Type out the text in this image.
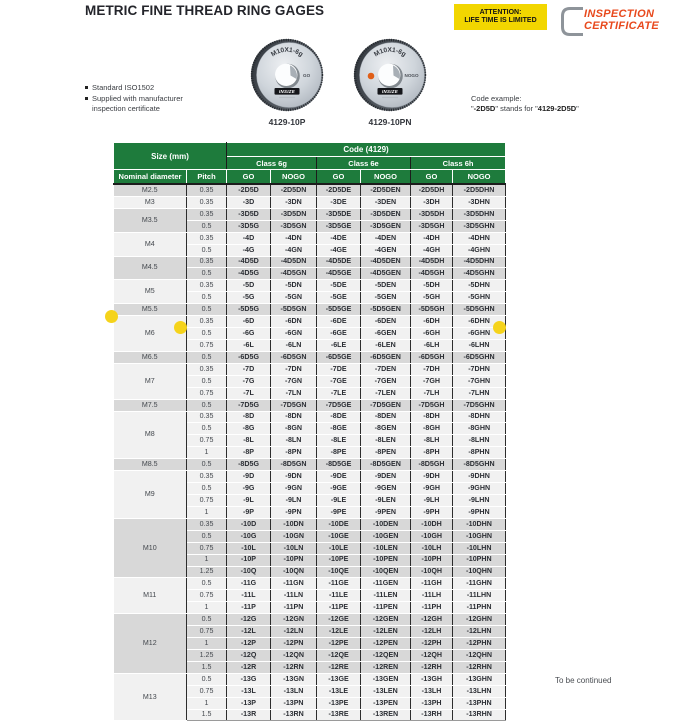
METRIC FINE THREAD RING GAGES	ATTENTION:
LIFE TIME IS LIMITED
INSPECTION
CERTIFICATE
M10X1-6g
GO
INSIZE
M10X1-6g
NOGO
INSIZE
4129-10P	4129-10PN
Standard ISO1502
Supplied with manufacturer inspection certificate
Code example:
"-2D5D" stands for "4129-2D5D"
Size (mm)		Code (4129)					
		Class 6g		Class 6e		Class 6h	
Nominal diameter	Pitch	GO	NOGO	GO	NOGO	GO	NOGO
M2.5	0.35	-2D5D	-2D5DN	-2D5DE	-2D5DEN	-2D5DH	-2D5DHN
M3	0.35	-3D	-3DN	-3DE	-3DEN	-3DH	-3DHN
M3.5	0.35	-3D5D	-3D5DN	-3D5DE	-3D5DEN	-3D5DH	-3D5DHN
	0.5	-3D5G	-3D5GN	-3D5GE	-3D5GEN	-3D5GH	-3D5GHN
M4	0.35	-4D	-4DN	-4DE	-4DEN	-4DH	-4DHN
	0.5	-4G	-4GN	-4GE	-4GEN	-4GH	-4GHN
M4.5	0.35	-4D5D	-4D5DN	-4D5DE	-4D5DEN	-4D5DH	-4D5DHN
	0.5	-4D5G	-4D5GN	-4D5GE	-4D5GEN	-4D5GH	-4D5GHN
M5	0.35	-5D	-5DN	-5DE	-5DEN	-5DH	-5DHN
	0.5	-5G	-5GN	-5GE	-5GEN	-5GH	-5GHN
M5.5	0.5	-5D5G	-5D5GN	-5D5GE	-5D5GEN	-5D5GH	-5D5GHN
M6	0.35	-6D	-6DN	-6DE	-6DEN	-6DH	-6DHN
	0.5	-6G	-6GN	-6GE	-6GEN	-6GH	-6GHN
	0.75	-6L	-6LN	-6LE	-6LEN	-6LH	-6LHN
M6.5	0.5	-6D5G	-6D5GN	-6D5GE	-6D5GEN	-6D5GH	-6D5GHN
M7	0.35	-7D	-7DN	-7DE	-7DEN	-7DH	-7DHN
	0.5	-7G	-7GN	-7GE	-7GEN	-7GH	-7GHN
	0.75	-7L	-7LN	-7LE	-7LEN	-7LH	-7LHN
M7.5	0.5	-7D5G	-7D5GN	-7D5GE	-7D5GEN	-7D5GH	-7D5GHN
M8	0.35	-8D	-8DN	-8DE	-8DEN	-8DH	-8DHN
	0.5	-8G	-8GN	-8GE	-8GEN	-8GH	-8GHN
	0.75	-8L	-8LN	-8LE	-8LEN	-8LH	-8LHN
	1	-8P	-8PN	-8PE	-8PEN	-8PH	-8PHN
M8.5	0.5	-8D5G	-8D5GN	-8D5GE	-8D5GEN	-8D5GH	-8D5GHN
M9	0.35	-9D	-9DN	-9DE	-9DEN	-9DH	-9DHN
	0.5	-9G	-9GN	-9GE	-9GEN	-9GH	-9GHN
	0.75	-9L	-9LN	-9LE	-9LEN	-9LH	-9LHN
	1	-9P	-9PN	-9PE	-9PEN	-9PH	-9PHN
M10	0.35	-10D	-10DN	-10DE	-10DEN	-10DH	-10DHN
	0.5	-10G	-10GN	-10GE	-10GEN	-10GH	-10GHN
	0.75	-10L	-10LN	-10LE	-10LEN	-10LH	-10LHN
	1	-10P	-10PN	-10PE	-10PEN	-10PH	-10PHN
	1.25	-10Q	-10QN	-10QE	-10QEN	-10QH	-10QHN
M11	0.5	-11G	-11GN	-11GE	-11GEN	-11GH	-11GHN
	0.75	-11L	-11LN	-11LE	-11LEN	-11LH	-11LHN
	1	-11P	-11PN	-11PE	-11PEN	-11PH	-11PHN
M12	0.5	-12G	-12GN	-12GE	-12GEN	-12GH	-12GHN
	0.75	-12L	-12LN	-12LE	-12LEN	-12LH	-12LHN
	1	-12P	-12PN	-12PE	-12PEN	-12PH	-12PHN
	1.25	-12Q	-12QN	-12QE	-12QEN	-12QH	-12QHN
	1.5	-12R	-12RN	-12RE	-12REN	-12RH	-12RHN
M13	0.5	-13G	-13GN	-13GE	-13GEN	-13GH	-13GHN
	0.75	-13L	-13LN	-13LE	-13LEN	-13LH	-13LHN
	1	-13P	-13PN	-13PE	-13PEN	-13PH	-13PHN
	1.5	-13R	-13RN	-13RE	-13REN	-13RH	-13RHN
To be continued
